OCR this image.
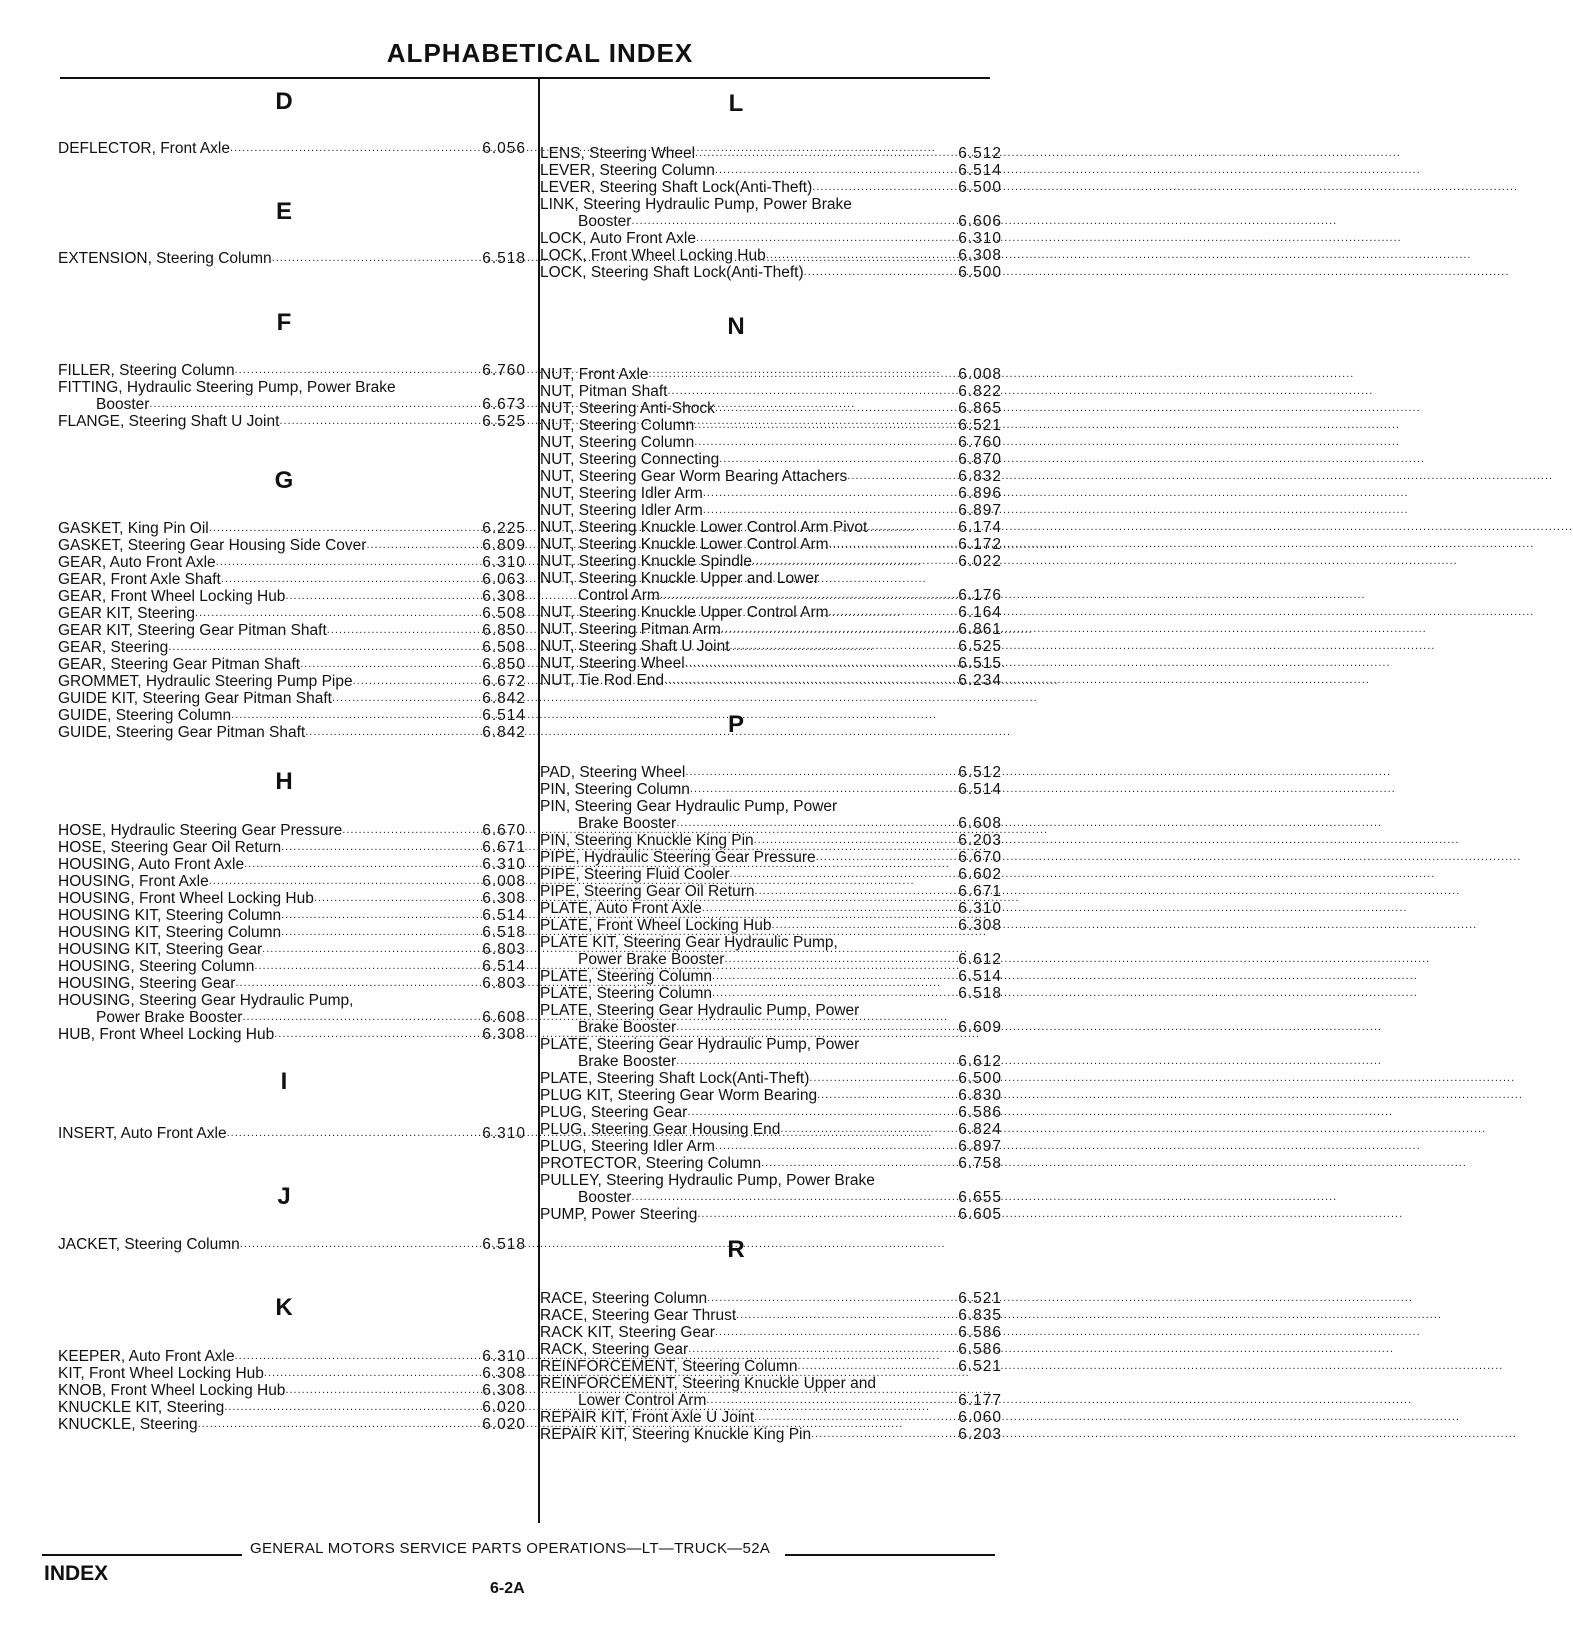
ALPHABETICAL INDEX
D
DEFLECTOR, Front Axle .....	6.056
E
EXTENSION, Steering Column .....	6.518
F
FILLER, Steering Column .....	6.760
FITTING, Hydraulic Steering Pump, Power Brake
Booster .....	6.673
FLANGE, Steering Shaft U Joint .....	6.525
G
GASKET, King Pin Oil .....	6.225
GASKET, Steering Gear Housing Side Cover .....	6.809
GEAR, Auto Front Axle .....	6.310
GEAR, Front Axle Shaft .....	6.063
GEAR, Front Wheel Locking Hub .....	6.308
GEAR KIT, Steering .....	6.508
GEAR KIT, Steering Gear Pitman Shaft .....	6.850
GEAR, Steering .....	6.508
GEAR, Steering Gear Pitman Shaft .....	6.850
GROMMET, Hydraulic Steering Pump Pipe .....	6.672
GUIDE KIT, Steering Gear Pitman Shaft .....	6.842
GUIDE, Steering Column .....	6.514
GUIDE, Steering Gear Pitman Shaft .....	6.842
H
HOSE, Hydraulic Steering Gear Pressure .....	6.670
HOSE, Steering Gear Oil Return .....	6.671
HOUSING, Auto Front Axle .....	6.310
HOUSING, Front Axle .....	6.008
HOUSING, Front Wheel Locking Hub .....	6.308
HOUSING KIT, Steering Column .....	6.514
HOUSING KIT, Steering Column .....	6.518
HOUSING KIT, Steering Gear .....	6.803
HOUSING, Steering Column .....	6.514
HOUSING, Steering Gear .....	6.803
HOUSING, Steering Gear Hydraulic Pump,
Power Brake Booster .....	6.608
HUB, Front Wheel Locking Hub .....	6.308
I
INSERT, Auto Front Axle .....	6.310
J
JACKET, Steering Column .....	6.518
K
KEEPER, Auto Front Axle .....	6.310
KIT, Front Wheel Locking Hub .....	6.308
KNOB, Front Wheel Locking Hub .....	6.308
KNUCKLE KIT, Steering .....	6.020
KNUCKLE, Steering .....	6.020
L
LENS, Steering Wheel .....	6.512
LEVER, Steering Column .....	6.514
LEVER, Steering Shaft Lock(Anti-Theft) .....	6.500
LINK, Steering Hydraulic Pump, Power Brake
Booster .....	6.606
LOCK, Auto Front Axle .....	6.310
LOCK, Front Wheel Locking Hub .....	6.308
LOCK, Steering Shaft Lock(Anti-Theft) .....	6.500
N
NUT, Front Axle .....	6.008
NUT, Pitman Shaft .....	6.822
NUT, Steering Anti-Shock .....	6.865
NUT, Steering Column .....	6.521
NUT, Steering Column .....	6.760
NUT, Steering Connecting .....	6.870
NUT, Steering Gear Worm Bearing Attachers .....	6.832
NUT, Steering Idler Arm .....	6.896
NUT, Steering Idler Arm .....	6.897
NUT, Steering Knuckle Lower Control Arm Pivot .....	6.174
NUT, Steering Knuckle Lower Control Arm .....	6.172
NUT, Steering Knuckle Spindle .....	6.022
NUT, Steering Knuckle Upper and Lower
Control Arm .....	6.176
NUT, Steering Knuckle Upper Control Arm .....	6.164
NUT, Steering Pitman Arm .....	6.861
NUT, Steering Shaft U Joint .....	6.525
NUT, Steering Wheel .....	6.515
NUT, Tie Rod End .....	6.234
P
PAD, Steering Wheel .....	6.512
PIN, Steering Column .....	6.514
PIN, Steering Gear Hydraulic Pump, Power
Brake Booster .....	6.608
PIN, Steering Knuckle King Pin .....	6.203
PIPE, Hydraulic Steering Gear Pressure .....	6.670
PIPE, Steering Fluid Cooler .....	6.602
PIPE, Steering Gear Oil Return .....	6.671
PLATE, Auto Front Axle .....	6.310
PLATE, Front Wheel Locking Hub .....	6.308
PLATE KIT, Steering Gear Hydraulic Pump,
Power Brake Booster .....	6.612
PLATE, Steering Column .....	6.514
PLATE, Steering Column .....	6.518
PLATE, Steering Gear Hydraulic Pump, Power
Brake Booster .....	6.609
PLATE, Steering Gear Hydraulic Pump, Power
Brake Booster .....	6.612
PLATE, Steering Shaft Lock(Anti-Theft) .....	6.500
PLUG KIT, Steering Gear Worm Bearing .....	6.830
PLUG, Steering Gear .....	6.586
PLUG, Steering Gear Housing End .....	6.824
PLUG, Steering Idler Arm .....	6.897
PROTECTOR, Steering Column .....	6.758
PULLEY, Steering Hydraulic Pump, Power Brake
Booster .....	6.655
PUMP, Power Steering .....	6.605
R
RACE, Steering Column .....	6.521
RACE, Steering Gear Thrust .....	6.835
RACK KIT, Steering Gear .....	6.586
RACK, Steering Gear .....	6.586
REINFORCEMENT, Steering Column .....	6.521
REINFORCEMENT, Steering Knuckle Upper and
Lower Control Arm .....	6.177
REPAIR KIT, Front Axle U Joint .....	6.060
REPAIR KIT, Steering Knuckle King Pin .....	6.203
GENERAL MOTORS SERVICE PARTS OPERATIONS—LT—TRUCK—52A
INDEX
6-2A
